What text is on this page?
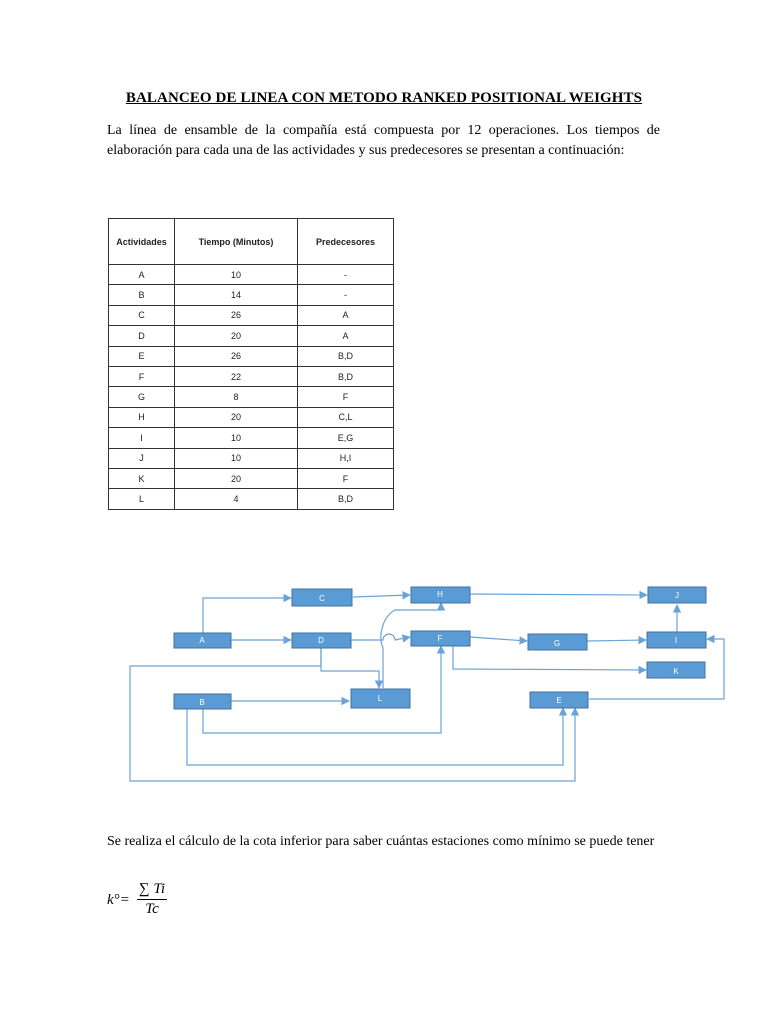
BALANCEO DE LINEA CON METODO RANKED POSITIONAL WEIGHTS
La línea de ensamble de la compañía está compuesta por 12 operaciones. Los tiempos de elaboración para cada una de las actividades y sus predecesores se presentan a continuación:
Actividades	Tiempo (Minutos)	Predecesores
A	10	-
B	14	-
C	26	A
D	20	A
E	26	B,D
F	22	B,D
G	8	F
H	20	C,L
I	10	E,G
J	10	H,I
K	20	F
L	4	B,D
A
B
C
D
E
F
G
H
I
J
K
L
Se realiza el cálculo de la cota inferior para saber cuántas estaciones como mínimo se puede tener
$k^\circ= \frac{\sum Ti}{Tc}$
